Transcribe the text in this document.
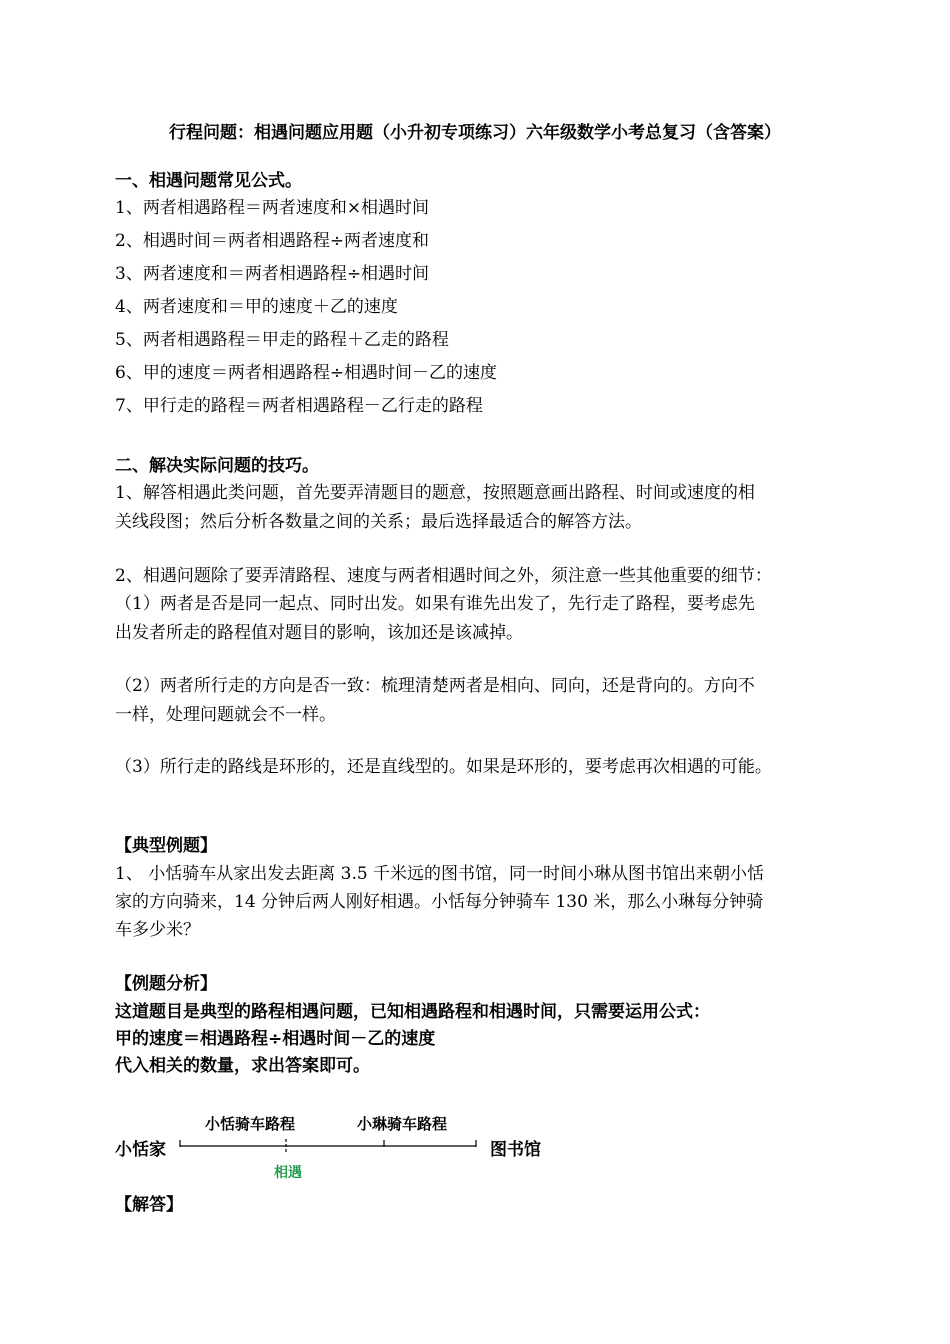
行程问题：相遇问题应用题（小升初专项练习）六年级数学小考总复习（含答案）
一、相遇问题常见公式。
1、两者相遇路程＝两者速度和×相遇时间
2、相遇时间＝两者相遇路程÷两者速度和
3、两者速度和＝两者相遇路程÷相遇时间
4、两者速度和＝甲的速度＋乙的速度
5、两者相遇路程＝甲走的路程＋乙走的路程
6、甲的速度＝两者相遇路程÷相遇时间－乙的速度
7、甲行走的路程＝两者相遇路程－乙行走的路程
二、解决实际问题的技巧。
1、解答相遇此类问题，首先要弄清题目的题意，按照题意画出路程、时间或速度的相
关线段图；然后分析各数量之间的关系；最后选择最适合的解答方法。
2、相遇问题除了要弄清路程、速度与两者相遇时间之外，须注意一些其他重要的细节：
（1）两者是否是同一起点、同时出发。如果有谁先出发了，先行走了路程，要考虑先
出发者所走的路程值对题目的影响，该加还是该减掉。
（2）两者所行走的方向是否一致：梳理清楚两者是相向、同向，还是背向的。方向不
一样，处理问题就会不一样。
（3）所行走的路线是环形的，还是直线型的。如果是环形的，要考虑再次相遇的可能。
【典型例题】
1、 小恬骑车从家出发去距离 3.5 千米远的图书馆，同一时间小琳从图书馆出来朝小恬
家的方向骑来，14 分钟后两人刚好相遇。小恬每分钟骑车 130 米，那么小琳每分钟骑
车多少米？
【例题分析】
这道题目是典型的路程相遇问题，已知相遇路程和相遇时间，只需要运用公式：
甲的速度＝相遇路程÷相遇时间－乙的速度
代入相关的数量，求出答案即可。
小恬家	图书馆
小恬骑车路程	小琳骑车路程
相遇
【解答】
